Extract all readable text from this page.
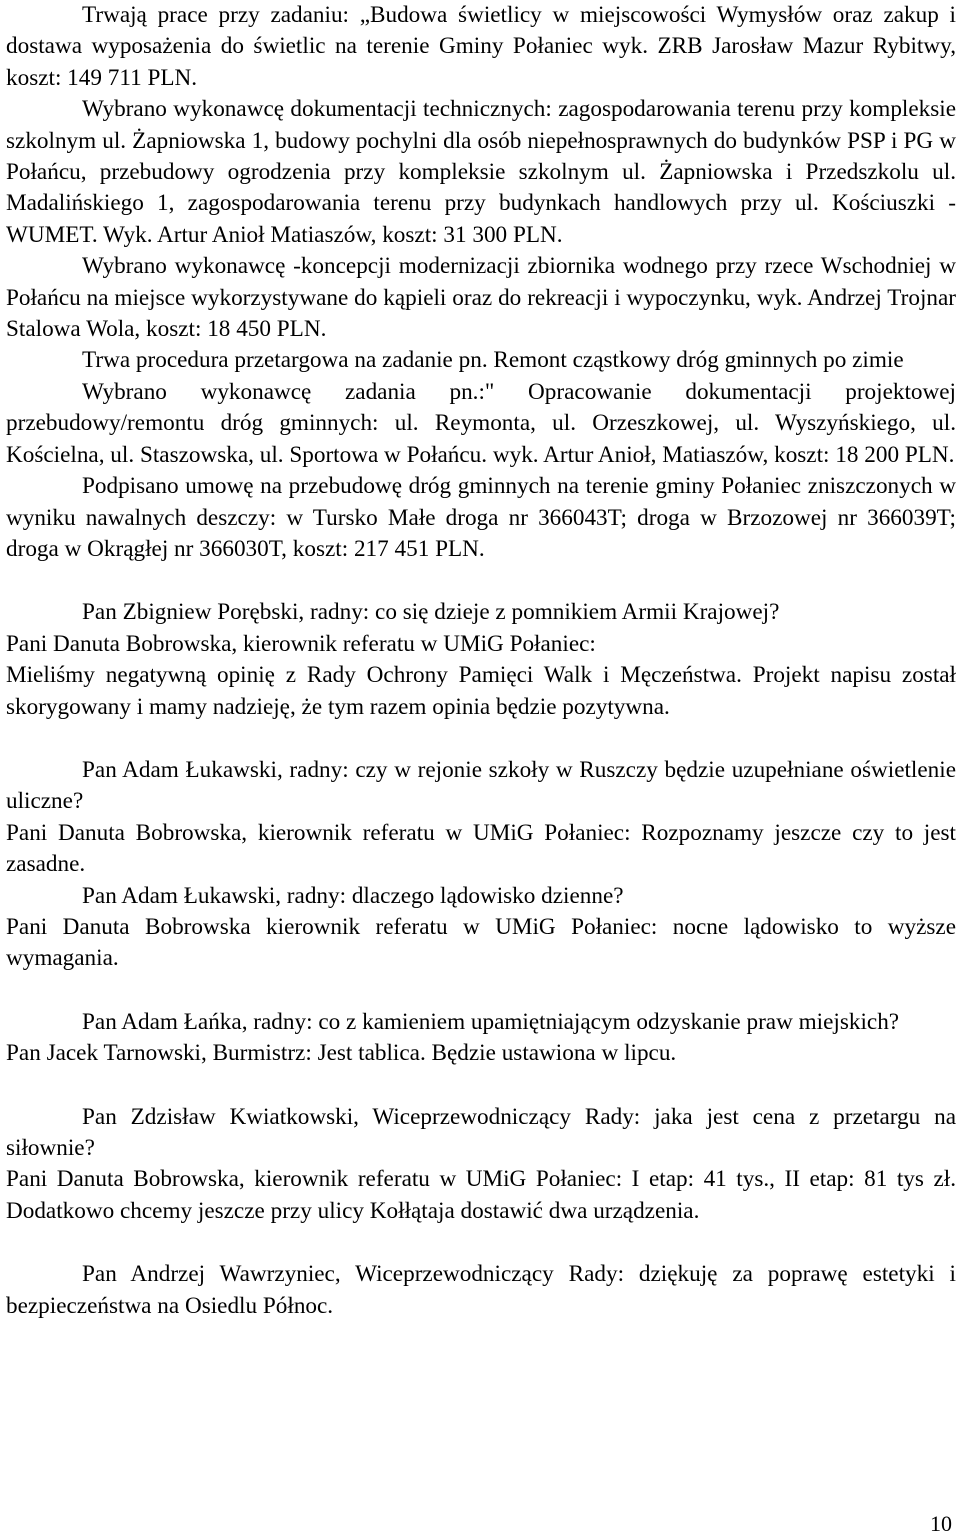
Trwają prace przy zadaniu: „Budowa świetlicy w miejscowości Wymysłów oraz zakup i dostawa wyposażenia do świetlic na terenie Gminy Połaniec wyk. ZRB Jarosław Mazur Rybitwy, koszt: 149 711 PLN.

Wybrano wykonawcę dokumentacji technicznych: zagospodarowania terenu przy kompleksie szkolnym ul. Żapniowska 1, budowy pochylni dla osób niepełnosprawnych do budynków PSP i PG w Połańcu, przebudowy ogrodzenia przy kompleksie szkolnym ul. Żapniowska i Przedszkolu ul. Madalińskiego 1, zagospodarowania terenu przy budynkach handlowych przy ul. Kościuszki -WUMET. Wyk. Artur Anioł Matiaszów, koszt: 31 300 PLN.

Wybrano wykonawcę -koncepcji modernizacji zbiornika wodnego przy rzece Wschodniej w Połańcu na miejsce wykorzystywane do kąpieli oraz do rekreacji i wypoczynku, wyk. Andrzej Trojnar Stalowa Wola, koszt: 18 450 PLN.

Trwa procedura przetargowa na zadanie pn. Remont cząstkowy dróg gminnych po zimie

Wybrano wykonawcę zadania pn.:" Opracowanie dokumentacji projektowej przebudowy/remontu dróg gminnych: ul. Reymonta, ul. Orzeszkowej, ul. Wyszyńskiego, ul. Kościelna, ul. Staszowska, ul. Sportowa w Połańcu. wyk. Artur Anioł, Matiaszów, koszt: 18 200 PLN.

Podpisano umowę na przebudowę dróg gminnych na terenie gminy Połaniec zniszczonych w wyniku nawalnych deszczy: w Tursko Małe droga nr 366043T; droga w Brzozowej nr 366039T; droga w Okrągłej nr 366030T, koszt: 217 451 PLN.

Pan Zbigniew Porębski, radny: co się dzieje z pomnikiem Armii Krajowej?

Pani Danuta Bobrowska, kierownik referatu w UMiG Połaniec:

Mieliśmy negatywną opinię z Rady Ochrony Pamięci Walk i Męczeństwa. Projekt napisu został skorygowany i mamy nadzieję, że tym razem opinia będzie pozytywna.

Pan Adam Łukawski, radny: czy w rejonie szkoły w Ruszczy będzie uzupełniane oświetlenie uliczne?

Pani Danuta Bobrowska, kierownik referatu w UMiG Połaniec: Rozpoznamy jeszcze czy to jest zasadne.

Pan Adam Łukawski, radny: dlaczego lądowisko dzienne?

Pani Danuta Bobrowska kierownik referatu w UMiG Połaniec: nocne lądowisko to wyższe wymagania.

Pan Adam Łańka, radny: co z kamieniem upamiętniającym odzyskanie praw miejskich?

Pan Jacek Tarnowski, Burmistrz: Jest tablica. Będzie ustawiona w lipcu.

Pan Zdzisław Kwiatkowski, Wiceprzewodniczący Rady: jaka jest cena z przetargu na siłownie?

Pani Danuta Bobrowska, kierownik referatu w UMiG Połaniec: I etap: 41 tys., II etap: 81 tys zł. Dodatkowo chcemy jeszcze przy ulicy Kołłątaja dostawić dwa urządzenia.

Pan Andrzej Wawrzyniec, Wiceprzewodniczący Rady: dziękuję za poprawę estetyki i bezpieczeństwa na Osiedlu Północ.

10
